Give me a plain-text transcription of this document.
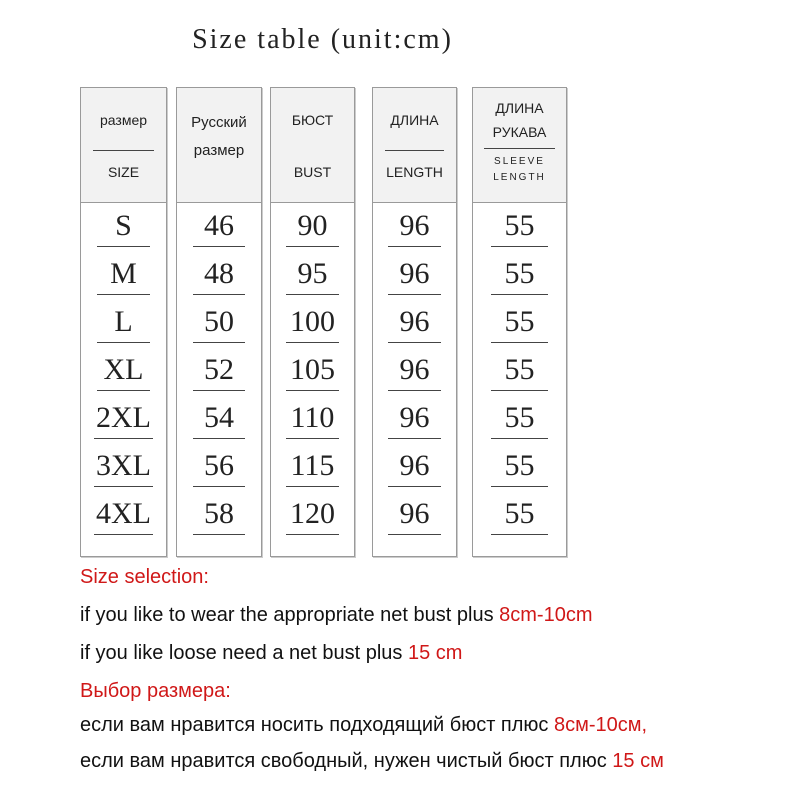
Size table (unit:cm)
размер
SIZE
S
M
L
XL
2XL
3XL
4XL
Русский
размер
46
48
50
52
54
56
58
БЮСТ
BUST
90
95
100
105
110
115
120
ДЛИНА
LENGTH
96
96
96
96
96
96
96
ДЛИНА
РУКАВА
SLEEVE
LENGTH
55
55
55
55
55
55
55
Size selection:
if you like to wear the appropriate net bust plus 8cm-10cm
if you like loose need a net bust plus 15 cm
Выбор размера:
если вам нравится носить подходящий бюст плюс 8см-10см,
если вам нравится свободный, нужен чистый бюст плюс 15 см
